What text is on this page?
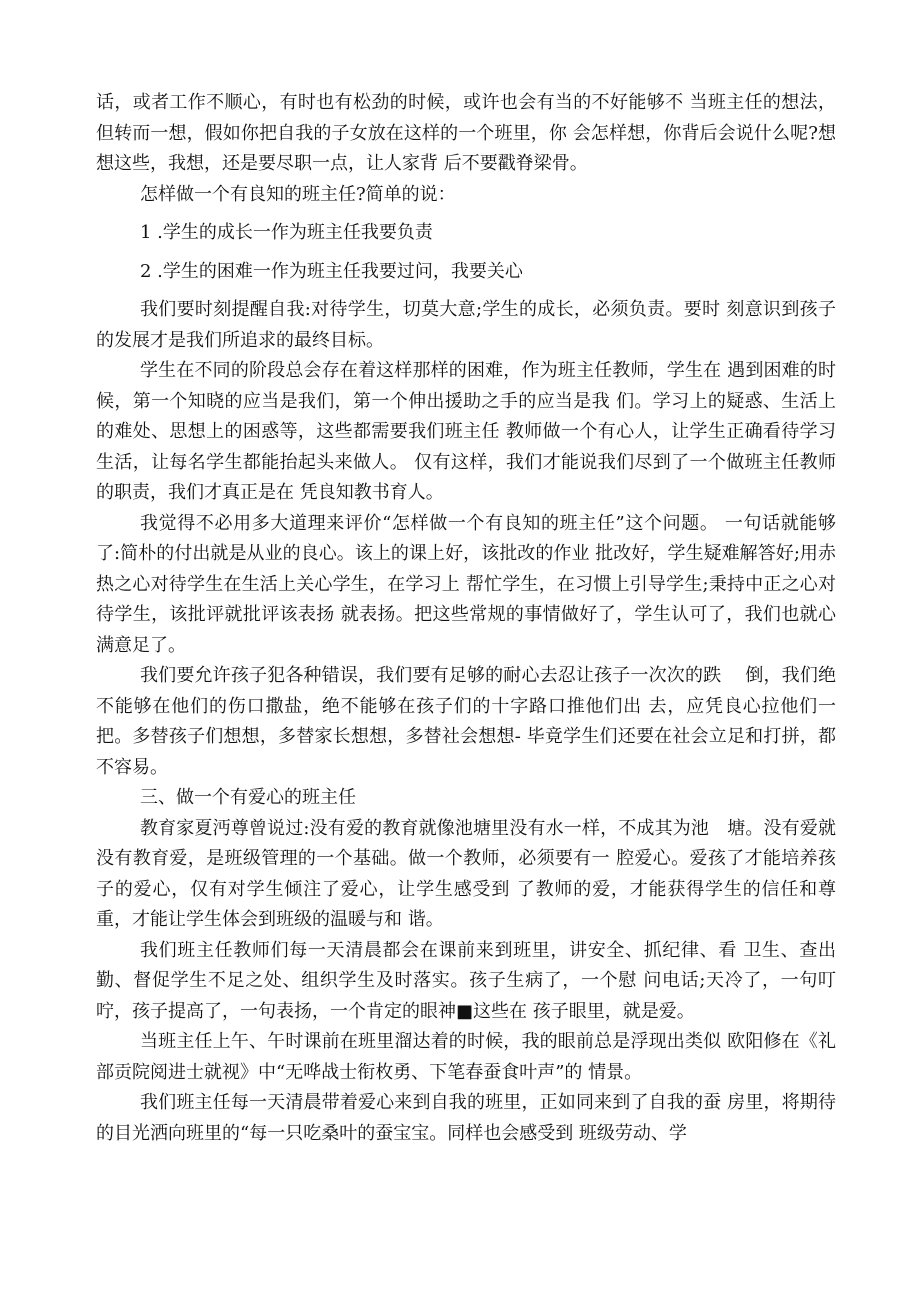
话，或者工作不顺心，有时也有松劲的时候，或许也会有当的不好能够不 当班主任的想法，但转而一想，假如你把自我的子女放在这样的一个班里，你 会怎样想，你背后会说什么呢?想想这些，我想，还是要尽职一点，让人家背 后不要戳脊梁骨。

怎样做一个有良知的班主任?简单的说：

1 .学生的成长一作为班主任我要负责

2 .学生的困难一作为班主任我要过问，我要关心

我们要时刻提醒自我:对待学生，切莫大意;学生的成长，必须负责。要时 刻意识到孩子的发展才是我们所追求的最终目标。

学生在不同的阶段总会存在着这样那样的困难，作为班主任教师，学生在 遇到困难的时候，第一个知晓的应当是我们，第一个伸出援助之手的应当是我 们。学习上的疑惑、生活上的难处、思想上的困惑等，这些都需要我们班主任 教师做一个有心人，让学生正确看待学习生活，让每名学生都能抬起头来做人。 仅有这样，我们才能说我们尽到了一个做班主任教师的职责，我们才真正是在 凭良知教书育人。

我觉得不必用多大道理来评价“怎样做一个有良知的班主任”这个问题。 一句话就能够了:简朴的付出就是从业的良心。该上的课上好，该批改的作业 批改好，学生疑难解答好;用赤热之心对待学生在生活上关心学生，在学习上 帮忙学生，在习惯上引导学生;秉持中正之心对待学生，该批评就批评该表扬 就表扬。把这些常规的事情做好了，学生认可了，我们也就心满意足了。

我们要允许孩子犯各种错误，我们要有足够的耐心去忍让孩子一次次的跌　 倒，我们绝不能够在他们的伤口撒盐，绝不能够在孩子们的十字路口推他们出 去，应凭良心拉他们一把。多替孩子们想想，多替家长想想，多替社会想想- 毕竟学生们还要在社会立足和打拼，都不容易。

三、做一个有爱心的班主任

教育家夏沔尊曾说过:没有爱的教育就像池塘里没有水一样，不成其为池　塘。没有爱就没有教育爱，是班级管理的一个基础。做一个教师，必须要有一 腔爱心。爱孩了才能培养孩子的爱心，仅有对学生倾注了爱心，让学生感受到 了教师的爱，才能获得学生的信任和尊重，才能让学生体会到班级的温暖与和 谐。

我们班主任教师们每一天清晨都会在课前来到班里，讲安全、抓纪律、看 卫生、查出勤、督促学生不足之处、组织学生及时落实。孩子生病了，一个慰 问电话;天冷了，一句叮咛，孩子提高了，一句表扬，一个肯定的眼神■这些在 孩子眼里，就是爱。

当班主任上午、午时课前在班里溜达着的时候，我的眼前总是浮现出类似 欧阳修在《礼部贡院阅进士就视》中“无哗战士衔枚勇、下笔春蚕食叶声”的 情景。

我们班主任每一天清晨带着爱心来到自我的班里，正如同来到了自我的蚕 房里，将期待的目光洒向班里的“每一只吃桑叶的蚕宝宝。同样也会感受到 班级劳动、学
